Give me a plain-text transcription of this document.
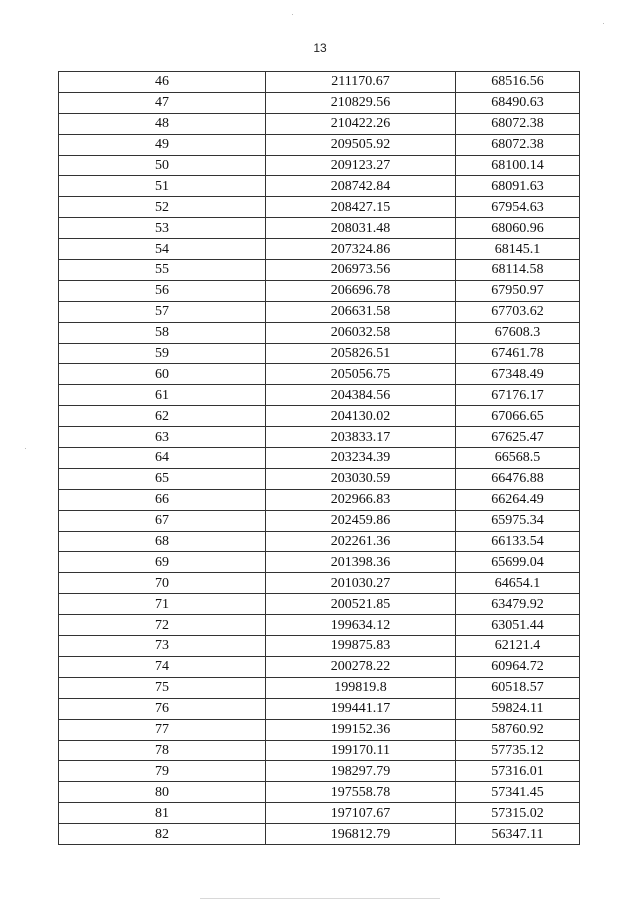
13
46	211170.67	68516.56
47	210829.56	68490.63
48	210422.26	68072.38
49	209505.92	68072.38
50	209123.27	68100.14
51	208742.84	68091.63
52	208427.15	67954.63
53	208031.48	68060.96
54	207324.86	68145.1
55	206973.56	68114.58
56	206696.78	67950.97
57	206631.58	67703.62
58	206032.58	67608.3
59	205826.51	67461.78
60	205056.75	67348.49
61	204384.56	67176.17
62	204130.02	67066.65
63	203833.17	67625.47
64	203234.39	66568.5
65	203030.59	66476.88
66	202966.83	66264.49
67	202459.86	65975.34
68	202261.36	66133.54
69	201398.36	65699.04
70	201030.27	64654.1
71	200521.85	63479.92
72	199634.12	63051.44
73	199875.83	62121.4
74	200278.22	60964.72
75	199819.8	60518.57
76	199441.17	59824.11
77	199152.36	58760.92
78	199170.11	57735.12
79	198297.79	57316.01
80	197558.78	57341.45
81	197107.67	57315.02
82	196812.79	56347.11
